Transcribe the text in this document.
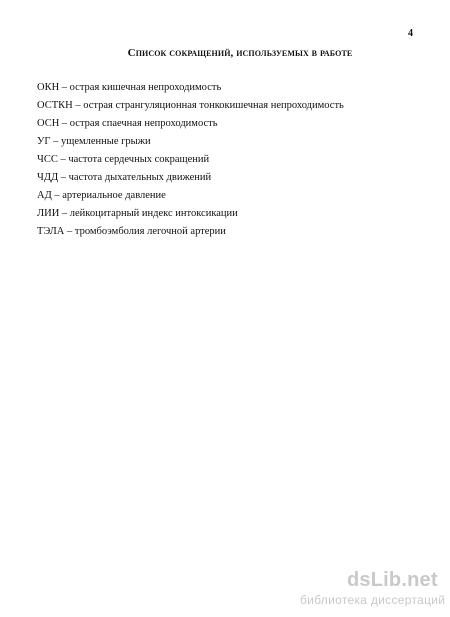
4
Список сокращений, используемых в работе
ОКН – острая кишечная непроходимость
ОСТКН – острая странгуляционная тонкокишечная непроходимость
ОСН – острая спаечная непроходимость
УГ – ущемленные грыжи
ЧСС – частота сердечных сокращений
ЧДД – частота дыхательных движений
АД – артериальное давление
ЛИИ – лейкоцитарный индекс интоксикации
ТЭЛА – тромбоэмболия легочной артерии
dsLib.net
библиотека диссертаций
